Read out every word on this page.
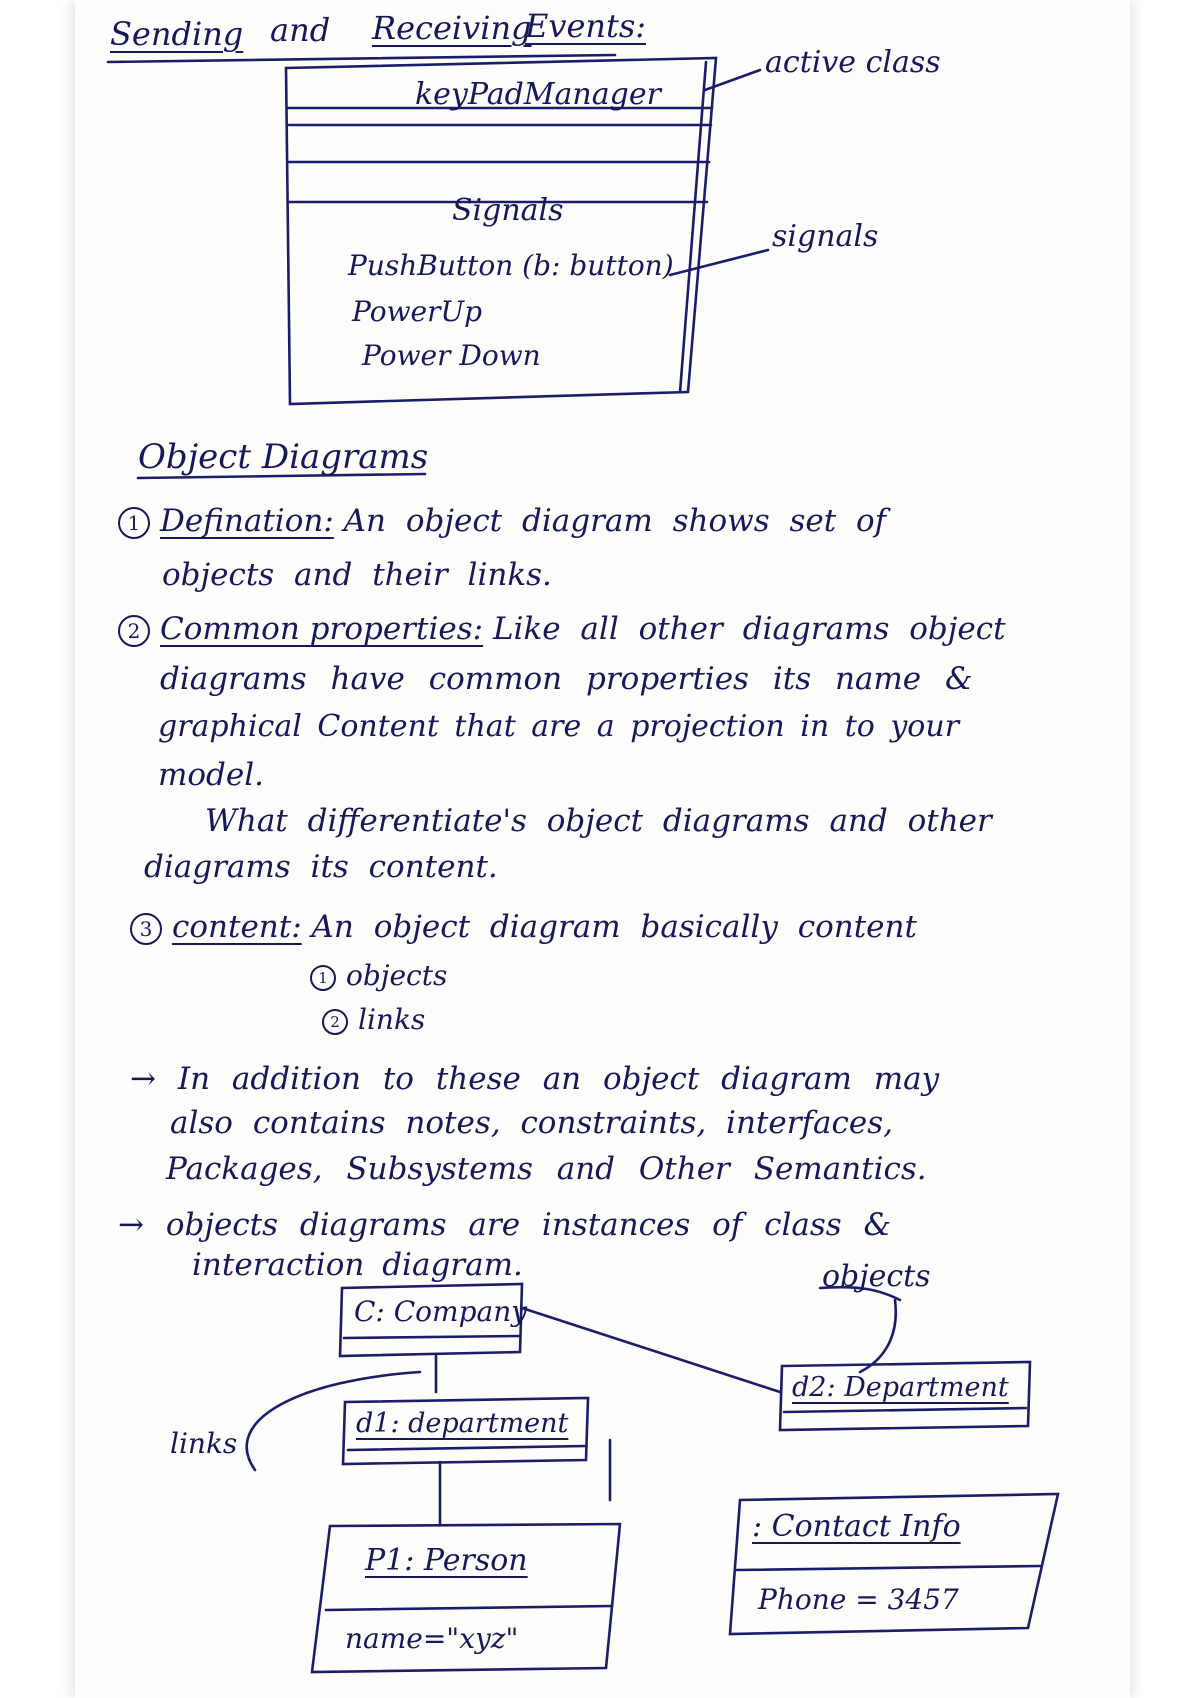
Sending and Receiving
Events:
keyPadManager
Signals
PushButton (b: button)
PowerUp
Power Down
active class
signals
Object Diagrams
1 Defination: An object diagram shows set of
objects and their links.
2 Common properties: Like all other diagrams object
diagrams have common properties its name &
graphical Content that are a projection in to your
model.
What differentiate's object diagrams and other
diagrams its content.
3 content: An object diagram basically content
1 objects
2 links
→ In addition to these an object diagram may
also contains notes, constraints, interfaces,
Packages, Subsystems and Other Semantics.
→ objects diagrams are instances of class &
interaction diagram.	objects
links
C: Company
d2: Department
d1: department
P1: Person
name="xyz"
: Contact Info
Phone = 3457
